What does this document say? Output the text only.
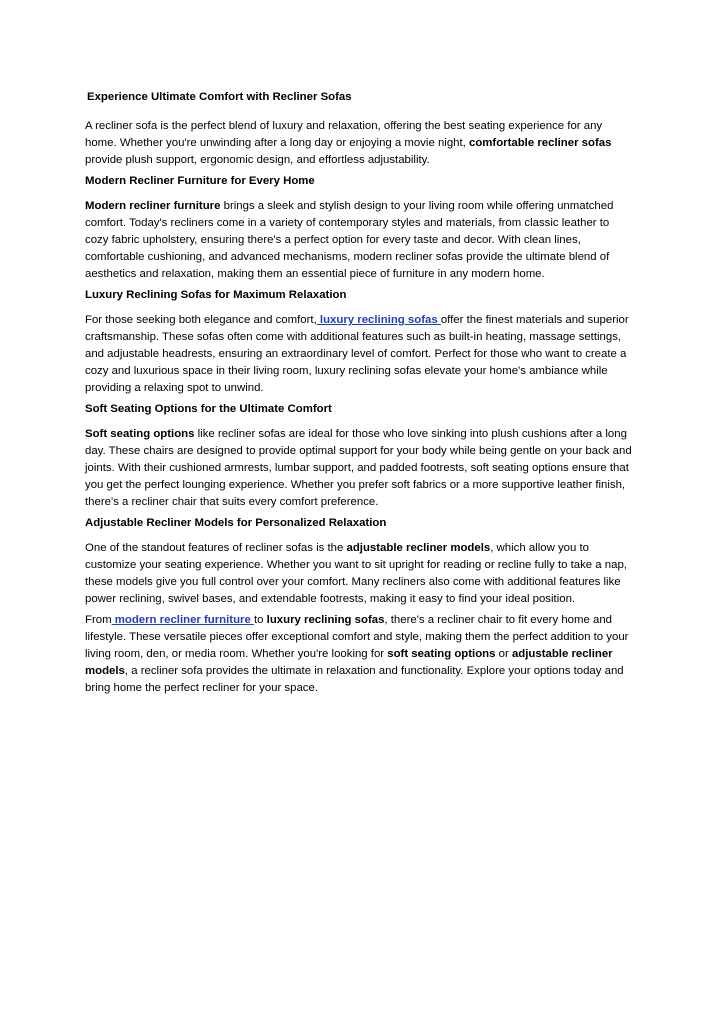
Experience Ultimate Comfort with Recliner Sofas

A recliner sofa is the perfect blend of luxury and relaxation, offering the best seating experience for any home. Whether you're unwinding after a long day or enjoying a movie night, comfortable recliner sofas provide plush support, ergonomic design, and effortless adjustability.

Modern Recliner Furniture for Every Home

Modern recliner furniture brings a sleek and stylish design to your living room while offering unmatched comfort. Today's recliners come in a variety of contemporary styles and materials, from classic leather to cozy fabric upholstery, ensuring there's a perfect option for every taste and decor. With clean lines, comfortable cushioning, and advanced mechanisms, modern recliner sofas provide the ultimate blend of aesthetics and relaxation, making them an essential piece of furniture in any modern home.

Luxury Reclining Sofas for Maximum Relaxation

For those seeking both elegance and comfort, luxury reclining sofas offer the finest materials and superior craftsmanship. These sofas often come with additional features such as built-in heating, massage settings, and adjustable headrests, ensuring an extraordinary level of comfort. Perfect for those who want to create a cozy and luxurious space in their living room, luxury reclining sofas elevate your home's ambiance while providing a relaxing spot to unwind.

Soft Seating Options for the Ultimate Comfort

Soft seating options like recliner sofas are ideal for those who love sinking into plush cushions after a long day. These chairs are designed to provide optimal support for your body while being gentle on your back and joints. With their cushioned armrests, lumbar support, and padded footrests, soft seating options ensure that you get the perfect lounging experience. Whether you prefer soft fabrics or a more supportive leather finish, there's a recliner chair that suits every comfort preference.

Adjustable Recliner Models for Personalized Relaxation

One of the standout features of recliner sofas is the adjustable recliner models, which allow you to customize your seating experience. Whether you want to sit upright for reading or recline fully to take a nap, these models give you full control over your comfort. Many recliners also come with additional features like power reclining, swivel bases, and extendable footrests, making it easy to find your ideal position.

From modern recliner furniture to luxury reclining sofas, there's a recliner chair to fit every home and lifestyle. These versatile pieces offer exceptional comfort and style, making them the perfect addition to your living room, den, or media room. Whether you're looking for soft seating options or adjustable recliner models, a recliner sofa provides the ultimate in relaxation and functionality. Explore your options today and bring home the perfect recliner for your space.
